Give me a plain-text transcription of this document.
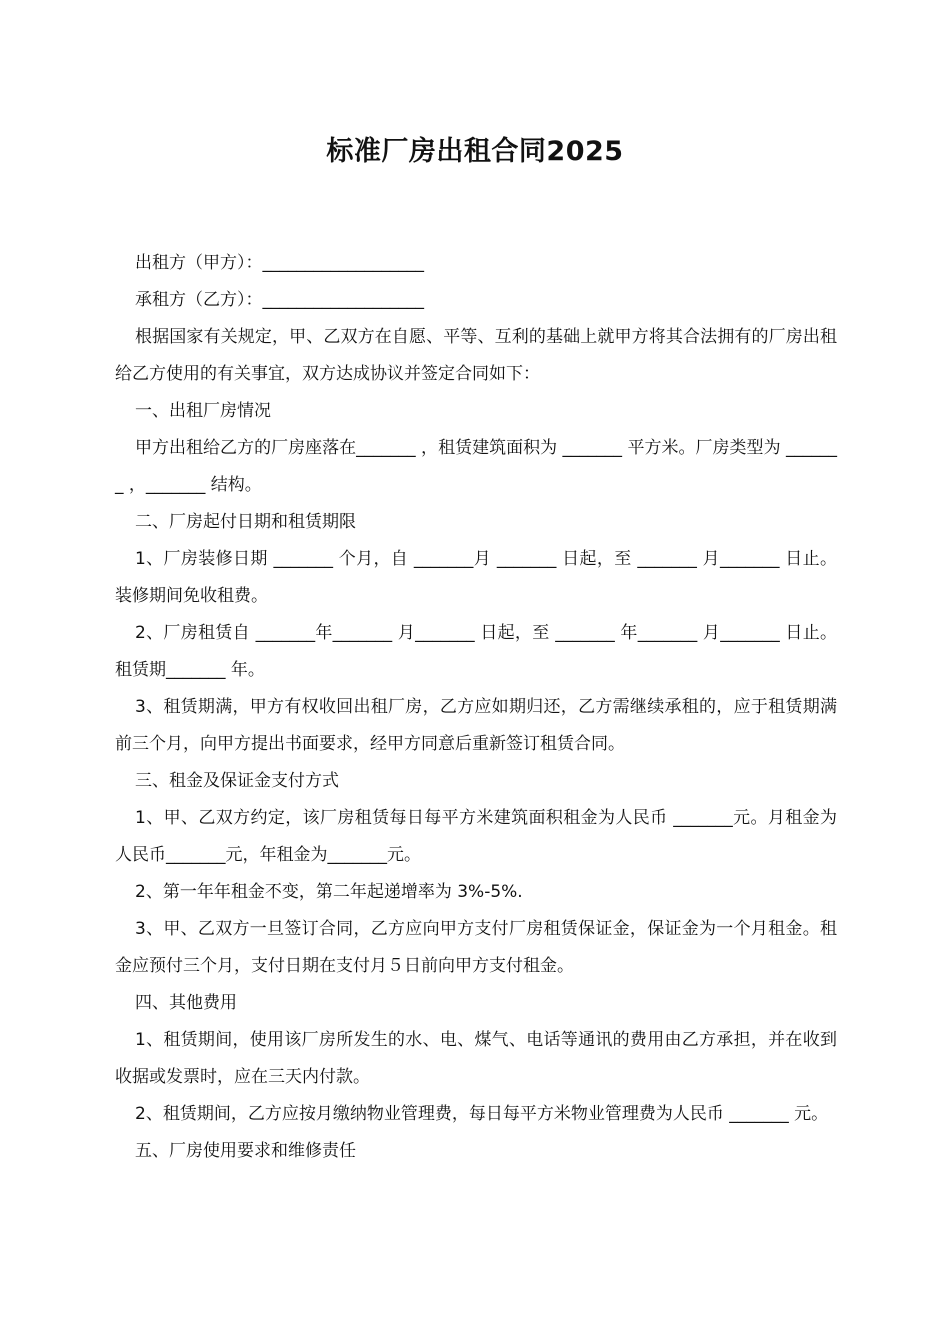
标准厂房出租合同2025

出租方（甲方）：___________________

承租方（乙方）：___________________

根据国家有关规定，甲、乙双方在自愿、平等、互利的基础上就甲方将其合法拥有的厂房出租给乙方使用的有关事宜，双方达成协议并签定合同如下：

一、出租厂房情况

甲方出租给乙方的厂房座落在_______ ，租赁建筑面积为 _______ 平方米。厂房类型为 _______ ，_______ 结构。

二、厂房起付日期和租赁期限

1、厂房装修日期 _______ 个月，自 _______月 _______ 日起，至 _______ 月_______ 日止。装修期间免收租费。

2、厂房租赁自 _______年_______ 月_______ 日起，至 _______ 年_______ 月_______ 日止。租赁期_______ 年。

3、租赁期满，甲方有权收回出租厂房，乙方应如期归还，乙方需继续承租的，应于租赁期满前三个月，向甲方提出书面要求，经甲方同意后重新签订租赁合同。

三、租金及保证金支付方式

1、甲、乙双方约定，该厂房租赁每日每平方米建筑面积租金为人民币 _______元。月租金为人民币_______元，年租金为_______元。

2、第一年年租金不变，第二年起递增率为 3%-5%.

3、甲、乙双方一旦签订合同，乙方应向甲方支付厂房租赁保证金，保证金为一个月租金。租金应预付三个月，支付日期在支付月５日前向甲方支付租金。

四、其他费用

1、租赁期间，使用该厂房所发生的水、电、煤气、电话等通讯的费用由乙方承担，并在收到收据或发票时，应在三天内付款。

2、租赁期间，乙方应按月缴纳物业管理费，每日每平方米物业管理费为人民币 _______ 元。

五、厂房使用要求和维修责任
